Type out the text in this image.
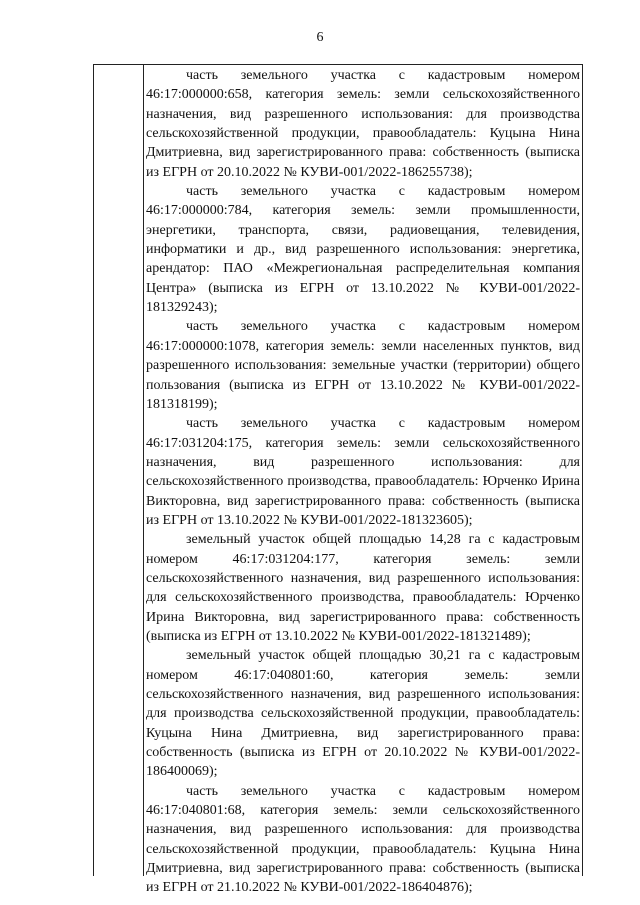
6

часть земельного участка с кадастровым номером 46:17:000000:658, категория земель: земли сельскохозяйственного назначения, вид разрешенного использования: для производства сельскохозяйственной продукции, правообладатель: Куцына Нина Дмитриевна, вид зарегистрированного права: собственность (выписка из ЕГРН от 20.10.2022 № КУВИ-001/2022-186255738);

часть земельного участка с кадастровым номером 46:17:000000:784, категория земель: земли промышленности, энергетики, транспорта, связи, радиовещания, телевидения, информатики и др., вид разрешенного использования: энергетика, арендатор: ПАО «Межрегиональная распределительная компания Центра» (выписка из ЕГРН от 13.10.2022 № КУВИ-001/2022-181329243);

часть земельного участка с кадастровым номером 46:17:000000:1078, категория земель: земли населенных пунктов, вид разрешенного использования: земельные участки (территории) общего пользования (выписка из ЕГРН от 13.10.2022 № КУВИ-001/2022-181318199);

часть земельного участка с кадастровым номером 46:17:031204:175, категория земель: земли сельскохозяйственного назначения, вид разрешенного использования: для сельскохозяйственного производства, правообладатель: Юрченко Ирина Викторовна, вид зарегистрированного права: собственность (выписка из ЕГРН от 13.10.2022 № КУВИ-001/2022-181323605);

земельный участок общей площадью 14,28 га с кадастровым номером 46:17:031204:177, категория земель: земли сельскохозяйственного назначения, вид разрешенного использования: для сельскохозяйственного производства, правообладатель: Юрченко Ирина Викторовна, вид зарегистрированного права: собственность (выписка из ЕГРН от 13.10.2022 № КУВИ-001/2022-181321489);

земельный участок общей площадью 30,21 га с кадастровым номером 46:17:040801:60, категория земель: земли сельскохозяйственного назначения, вид разрешенного использования: для производства сельскохозяйственной продукции, правообладатель: Куцына Нина Дмитриевна, вид зарегистрированного права: собственность (выписка из ЕГРН от 20.10.2022 № КУВИ-001/2022-186400069);

часть земельного участка с кадастровым номером 46:17:040801:68, категория земель: земли сельскохозяйственного назначения, вид разрешенного использования: для производства сельскохозяйственной продукции, правообладатель: Куцына Нина Дмитриевна, вид зарегистрированного права: собственность (выписка из ЕГРН от 21.10.2022 № КУВИ-001/2022-186404876);
